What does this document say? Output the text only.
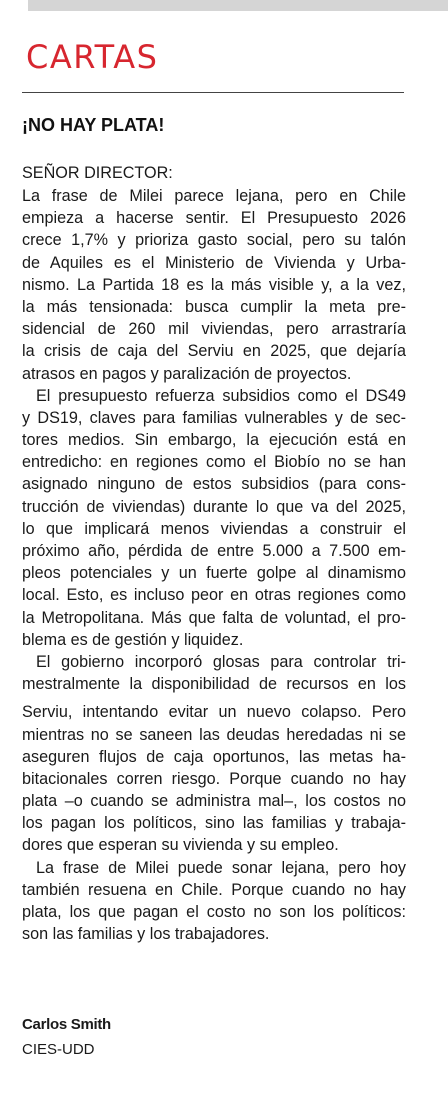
CARTAS
¡NO HAY PLATA!
SEÑOR DIRECTOR:
La frase de Milei parece lejana, pero en Chile
empieza a hacerse sentir. El Presupuesto 2026
crece 1,7% y prioriza gasto social, pero su talón
de Aquiles es el Ministerio de Vivienda y Urba-
nismo. La Partida 18 es la más visible y, a la vez,
la más tensionada: busca cumplir la meta pre-
sidencial de 260 mil viviendas, pero arrastraría
la crisis de caja del Serviu en 2025, que dejaría
atrasos en pagos y paralización de proyectos.
El presupuesto refuerza subsidios como el DS49
y DS19, claves para familias vulnerables y de sec-
tores medios. Sin embargo, la ejecución está en
entredicho: en regiones como el Biobío no se han
asignado ninguno de estos subsidios (para cons-
trucción de viviendas) durante lo que va del 2025,
lo que implicará menos viviendas a construir el
próximo año, pérdida de entre 5.000 a 7.500 em-
pleos potenciales y un fuerte golpe al dinamismo
local. Esto, es incluso peor en otras regiones como
la Metropolitana. Más que falta de voluntad, el pro-
blema es de gestión y liquidez.
El gobierno incorporó glosas para controlar tri-
mestralmente la disponibilidad de recursos en los
Serviu, intentando evitar un nuevo colapso. Pero
mientras no se saneen las deudas heredadas ni se
aseguren flujos de caja oportunos, las metas ha-
bitacionales corren riesgo. Porque cuando no hay
plata –o cuando se administra mal–, los costos no
los pagan los políticos, sino las familias y trabaja-
dores que esperan su vivienda y su empleo.
La frase de Milei puede sonar lejana, pero hoy
también resuena en Chile. Porque cuando no hay
plata, los que pagan el costo no son los políticos:
son las familias y los trabajadores.
Carlos Smith
CIES-UDD
